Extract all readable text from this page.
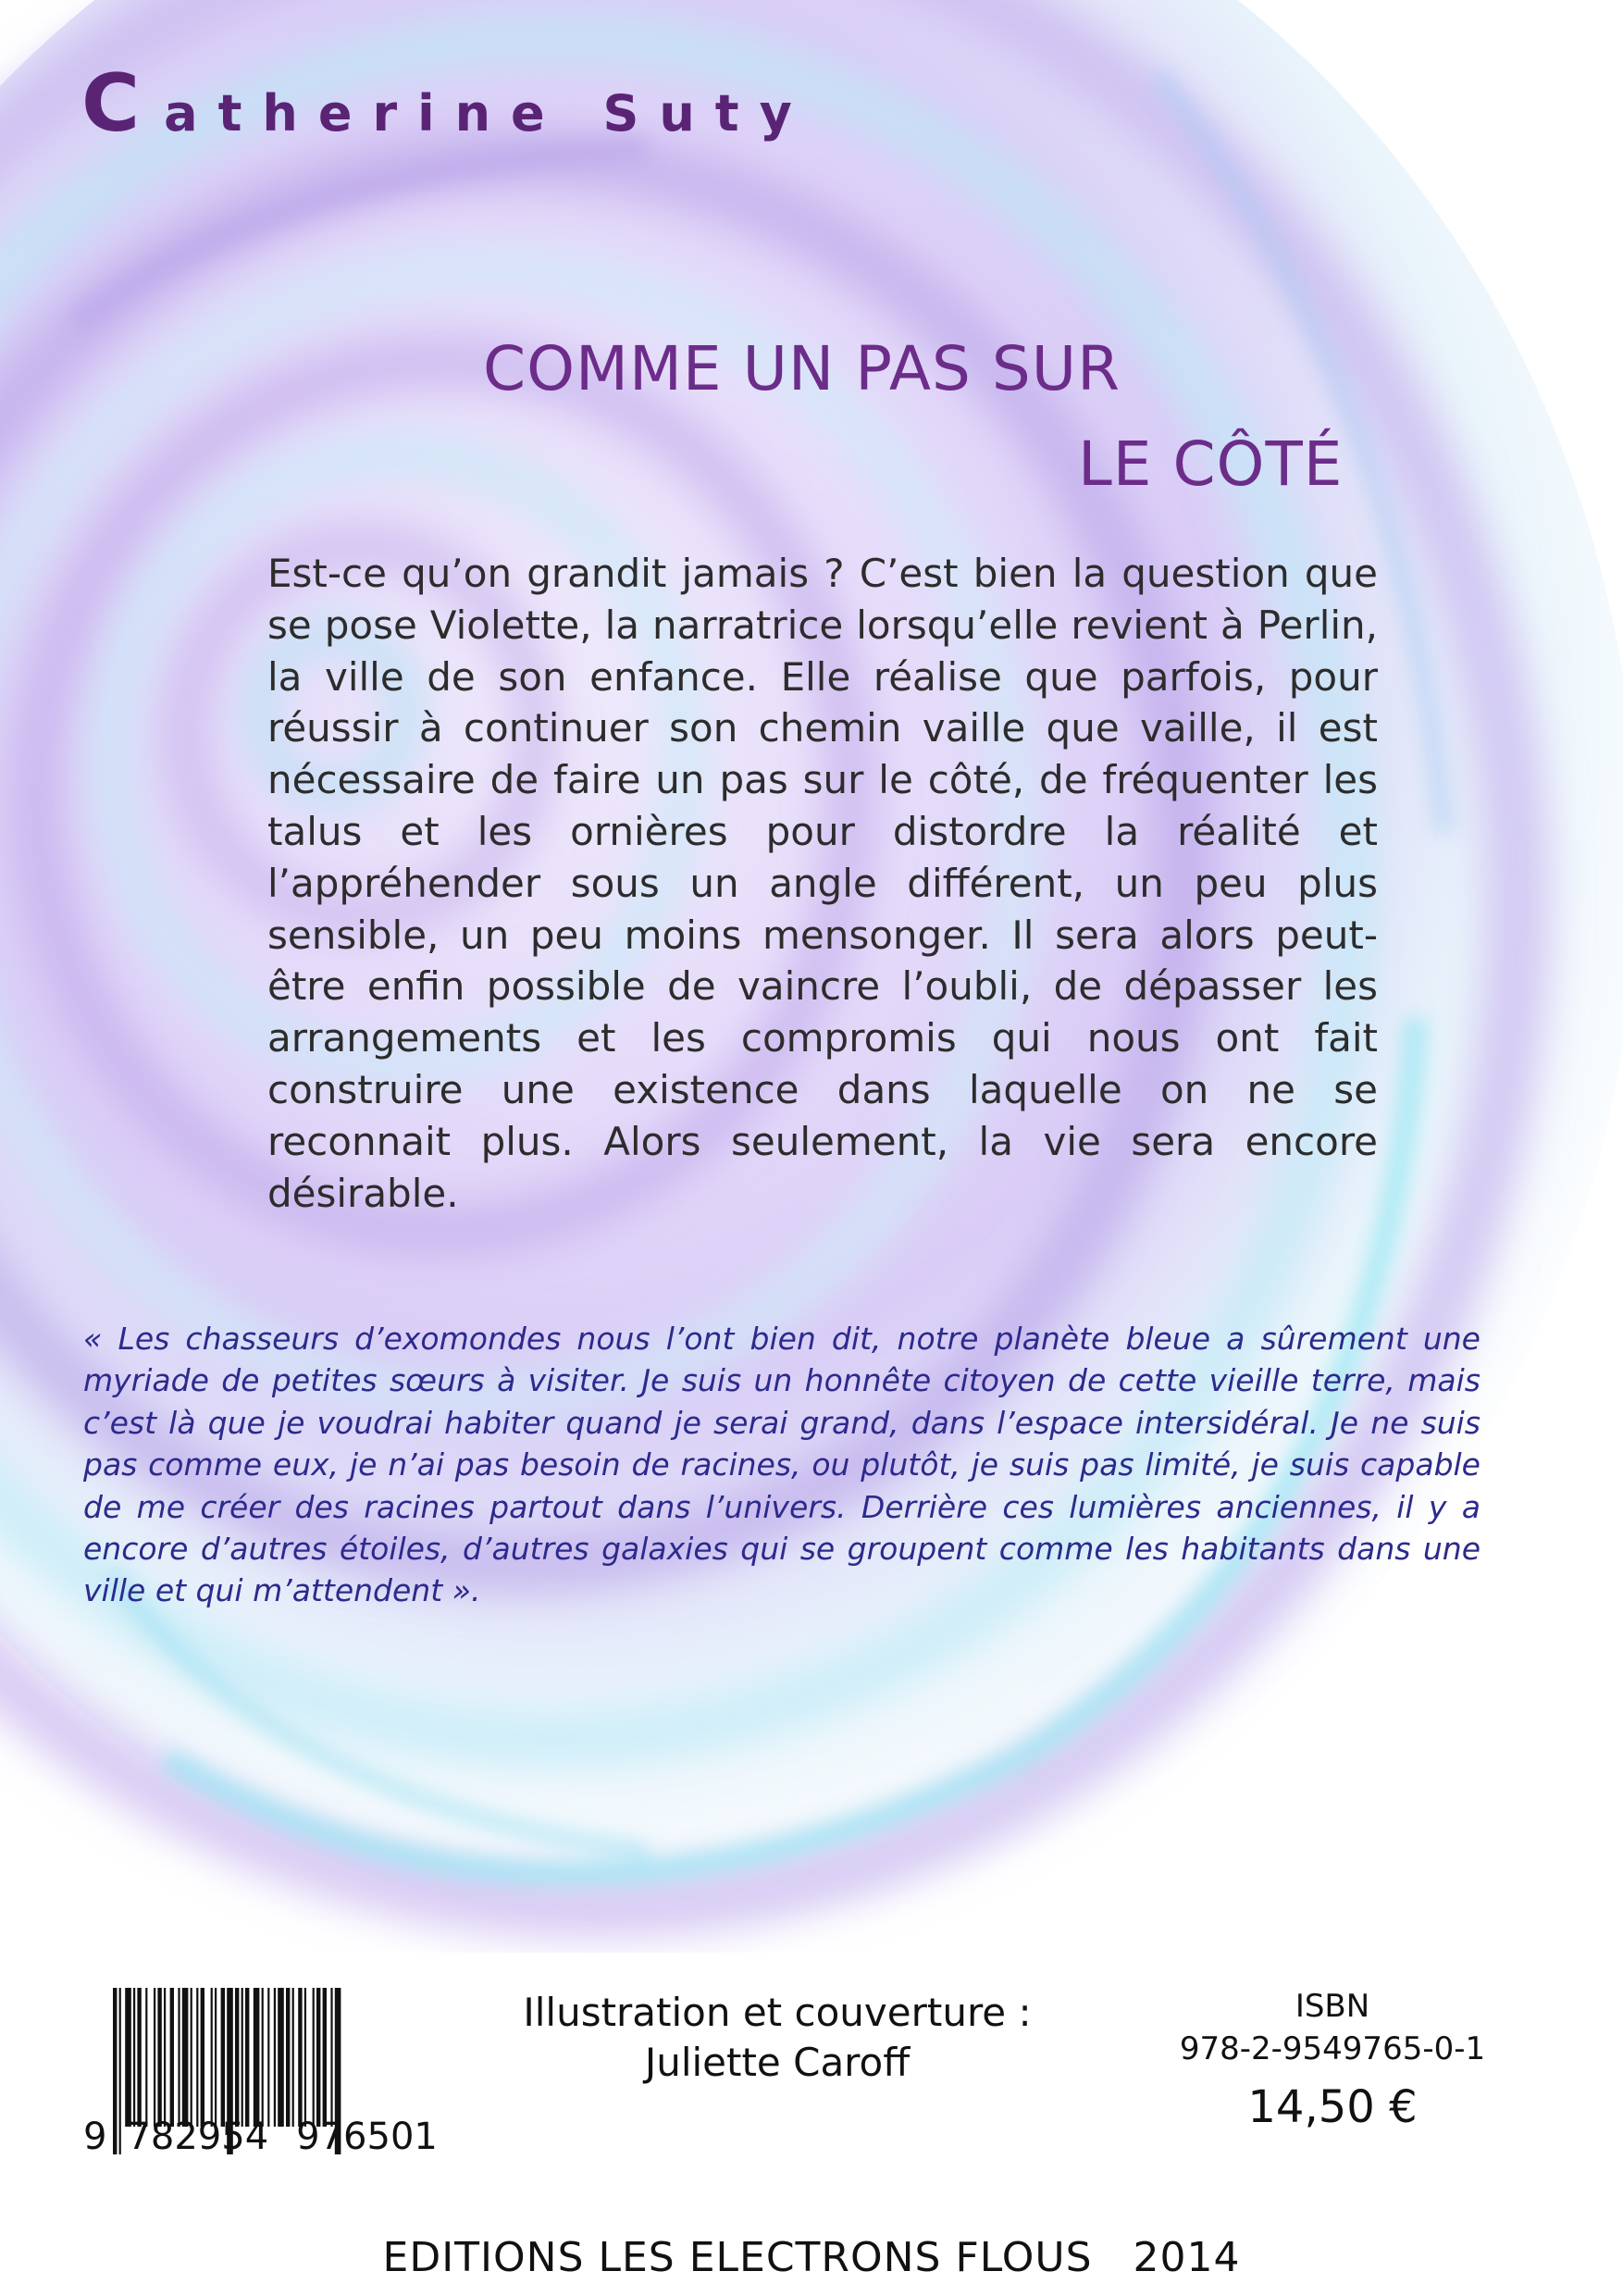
Catherine Suty
COMME UN PAS SUR
LE CÔTÉ
Est-ce qu’on grandit jamais ? C’est bien la question que se pose Violette, la narratrice lorsqu’elle revient à Perlin, la ville de son enfance. Elle réalise que parfois, pour réussir à continuer son chemin vaille que vaille, il est nécessaire de faire un pas sur le côté, de fréquenter les talus et les ornières pour distordre la réalité et l’appréhender sous un angle différent, un peu plus sensible, un peu moins mensonger. Il sera alors peut-être enfin possible de vaincre l’oubli, de dépasser les arrangements et les compromis qui nous ont fait construire une existence dans laquelle on ne se reconnait plus. Alors seulement, la vie sera encore désirable.
« Les chasseurs d’exomondes nous l’ont bien dit, notre planète bleue a sûrement une myriade de petites sœurs à visiter. Je suis un honnête citoyen de cette vieille terre, mais c’est là que je voudrai habiter quand je serai grand, dans l’espace intersidéral. Je ne suis pas comme eux, je n’ai pas besoin de racines, ou plutôt, je suis pas limité, je suis capable de me créer des racines partout dans l’univers. Derrière ces lumières anciennes, il y a encore d’autres étoiles, d’autres galaxies qui se groupent comme les habitants dans une ville et qui m’attendent ».
9 782954 976501
Illustration et couverture :
Juliette Caroff
ISBN
978-2-9549765-0-1
14,50 €
EDITIONS LES ELECTRONS FLOUS 2014
